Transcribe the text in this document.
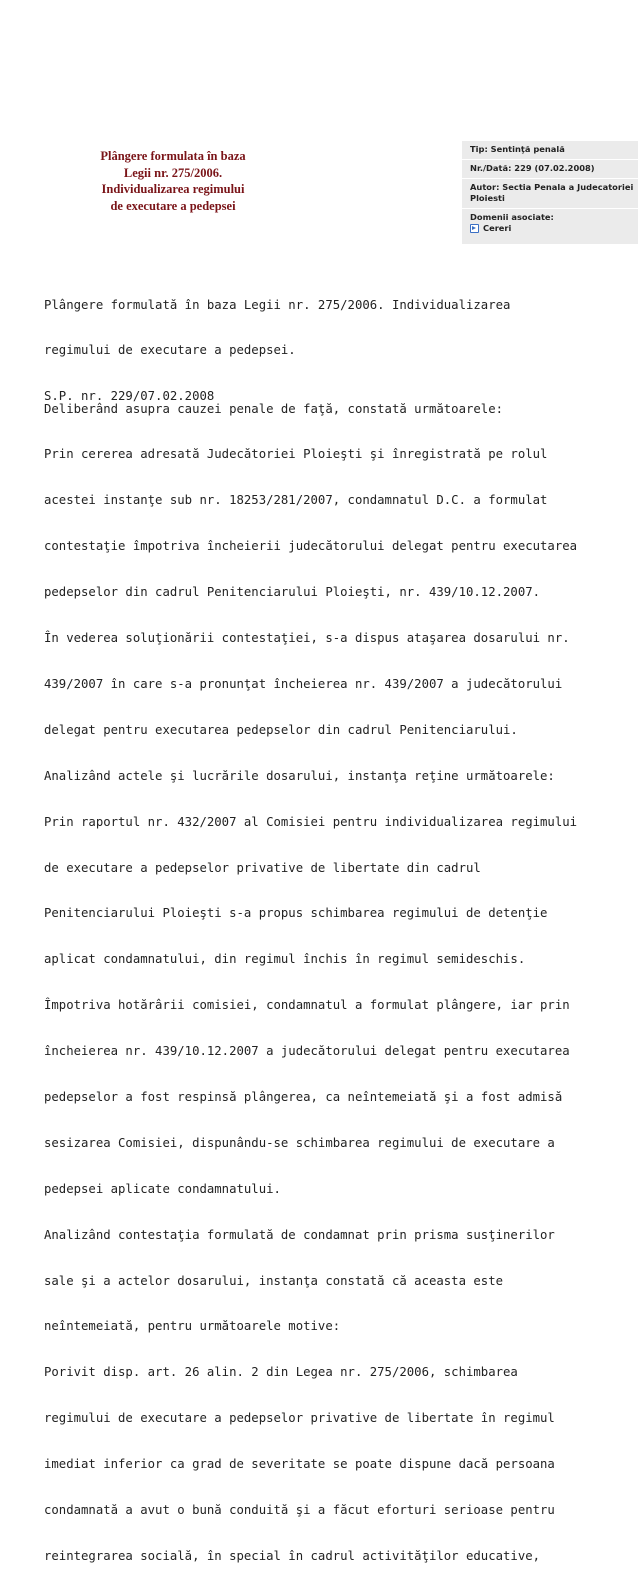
Plângere formulata în baza
Legii nr. 275/2006.
Individualizarea regimului
de executare a pedepsei
Tip: Sentinţă penală
Nr./Dată: 229 (07.02.2008)
Autor: Sectia Penala a Judecatoriei
Ploiesti
Domenii asociate:
Cereri

Plângere formulată în baza Legii nr. 275/2006. Individualizarea

regimului de executare a pedepsei.

S.P. nr. 229/07.02.2008

Deliberând asupra cauzei penale de faţă, constată următoarele:

Prin cererea adresată Judecătoriei Ploieşti şi înregistrată pe rolul

acestei instanţe sub nr. 18253/281/2007, condamnatul D.C. a formulat

contestaţie împotriva încheierii judecătorului delegat pentru executarea

pedepselor din cadrul Penitenciarului Ploieşti, nr. 439/10.12.2007.

În vederea soluţionării contestaţiei, s-a dispus ataşarea dosarului nr.

439/2007 în care s-a pronunţat încheierea nr. 439/2007 a judecătorului

delegat pentru executarea pedepselor din cadrul Penitenciarului.

Analizând actele şi lucrările dosarului, instanţa reţine următoarele:

Prin raportul nr. 432/2007 al Comisiei pentru individualizarea regimului

de executare a pedepselor privative de libertate din cadrul

Penitenciarului Ploieşti s-a propus schimbarea regimului de detenţie

aplicat condamnatului, din regimul închis în regimul semideschis.

Împotriva hotărârii comisiei, condamnatul a formulat plângere, iar prin

încheierea nr. 439/10.12.2007 a judecătorului delegat pentru executarea

pedepselor a fost respinsă plângerea, ca neîntemeiată şi a fost admisă

sesizarea Comisiei, dispunându-se schimbarea regimului de executare a

pedepsei aplicate condamnatului.

Analizând contestaţia formulată de condamnat prin prisma susţinerilor

sale şi a actelor dosarului, instanţa constată că aceasta este

neîntemeiată, pentru următoarele motive:

Porivit disp. art. 26 alin. 2 din Legea nr. 275/2006, schimbarea

regimului de executare a pedepselor privative de libertate în regimul

imediat inferior ca grad de severitate se poate dispune dacă persoana

condamnată a avut o bună conduită şi a făcut eforturi serioase pentru

reintegrarea socială, în special în cadrul activităţilor educative,
